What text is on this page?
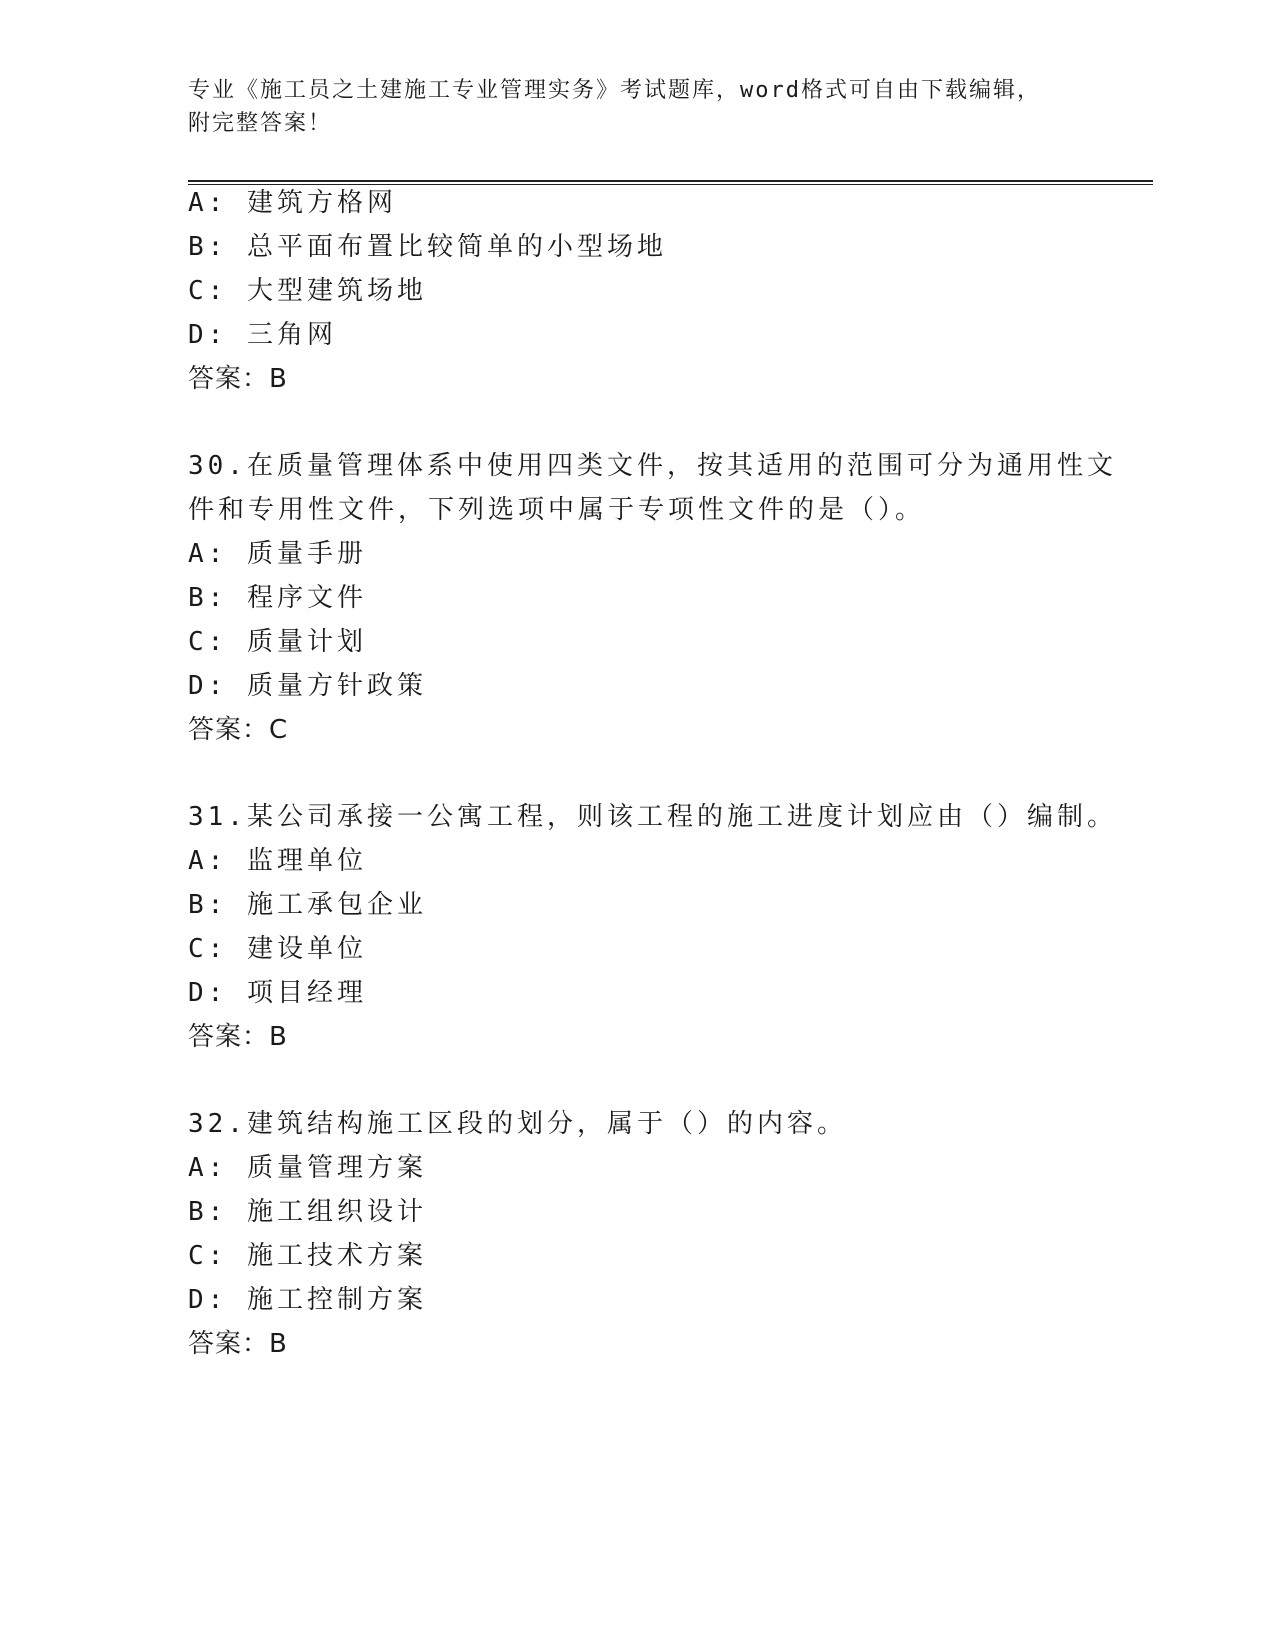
专业《施工员之土建施工专业管理实务》考试题库，word格式可自由下载编辑，
附完整答案！
A: 建筑方格网
B: 总平面布置比较简单的小型场地
C: 大型建筑场地
D: 三角网
答案：B
30.在质量管理体系中使用四类文件，按其适用的范围可分为通用性文
件和专用性文件，下列选项中属于专项性文件的是（）。
A: 质量手册
B: 程序文件
C: 质量计划
D: 质量方针政策
答案：C
31.某公司承接一公寓工程，则该工程的施工进度计划应由（）编制。
A: 监理单位
B: 施工承包企业
C: 建设单位
D: 项目经理
答案：B
32.建筑结构施工区段的划分，属于（）的内容。
A: 质量管理方案
B: 施工组织设计
C: 施工技术方案
D: 施工控制方案
答案：B
